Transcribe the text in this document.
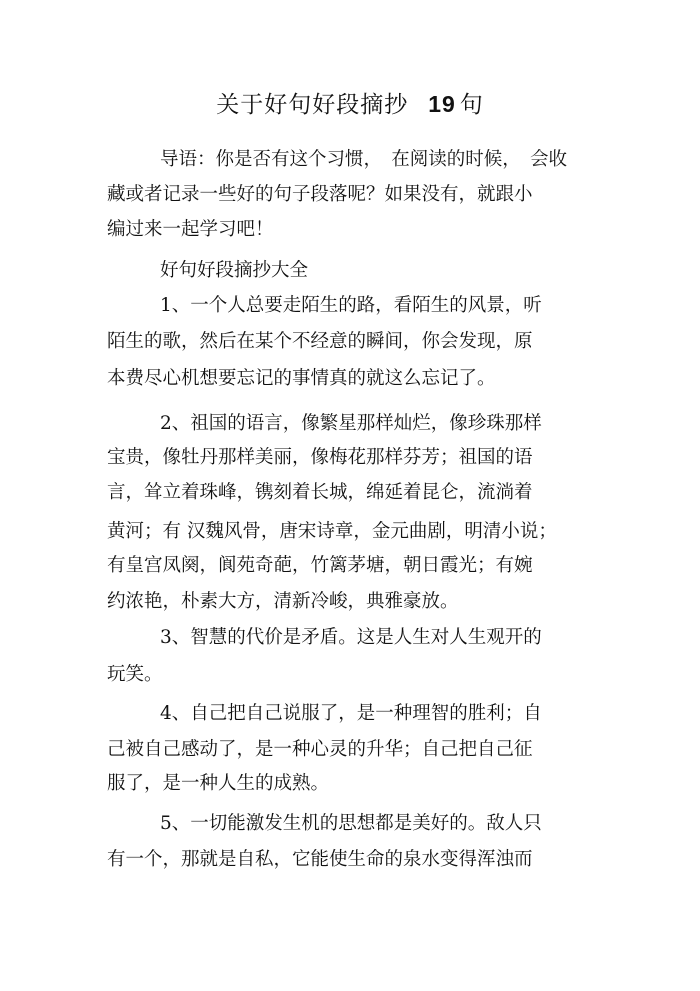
关于好句好段摘抄 19 句
导语：你是否有这个习惯，　在阅读的时候，　会收
藏或者记录一些好的句子段落呢？如果没有，就跟小
编过来一起学习吧！
好句好段摘抄大全
1、一个人总要走陌生的路，看陌生的风景，听
陌生的歌，然后在某个不经意的瞬间，你会发现，原
本费尽心机想要忘记的事情真的就这么忘记了。
2、祖国的语言，像繁星那样灿烂，像珍珠那样
宝贵，像牡丹那样美丽，像梅花那样芬芳；祖国的语
言，耸立着珠峰，镌刻着长城，绵延着昆仑，流淌着
黄河；有 汉魏风骨，唐宋诗章，金元曲剧，明清小说；
有皇宫凤阕，阆苑奇葩，竹篱茅塘，朝日霞光；有婉
约浓艳，朴素大方，清新冷峻，典雅豪放。
3、智慧的代价是矛盾。这是人生对人生观开的
玩笑。
4、自己把自己说服了，是一种理智的胜利；自
己被自己感动了，是一种心灵的升华；自己把自己征
服了，是一种人生的成熟。
5、一切能激发生机的思想都是美好的。敌人只
有一个，那就是自私，它能使生命的泉水变得浑浊而
